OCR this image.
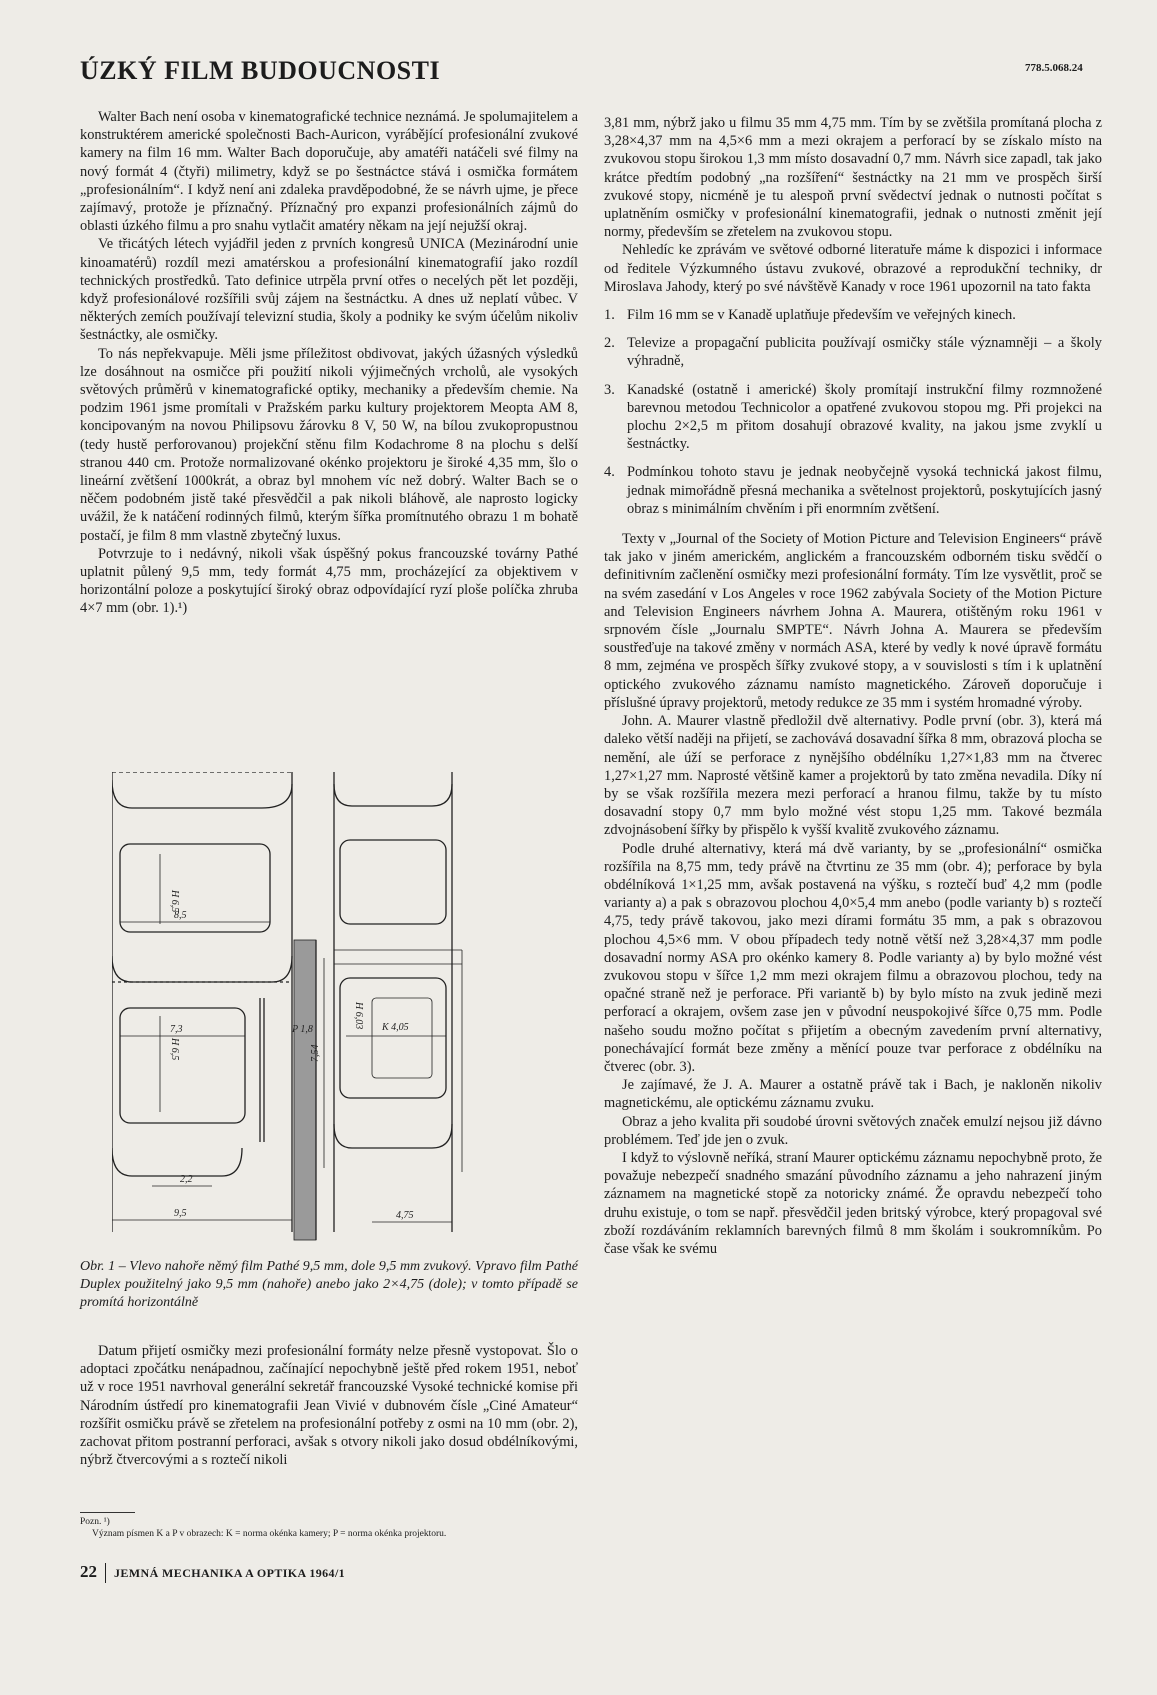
ÚZKÝ FILM BUDOUCNOSTI	778.5.068.24

Walter Bach není osoba v kinematografické technice neznámá. Je spolumajitelem a konstruktérem americké společnosti Bach-Auricon, vyrábějící profesionální zvukové kamery na film 16 mm. Walter Bach doporučuje, aby amatéři natáčeli své filmy na nový formát 4 (čtyři) milimetry, když se po šestnáctce stává i osmička formátem „profesionálním“. I když není ani zdaleka pravděpodobné, že se návrh ujme, je přece zajímavý, protože je příznačný. Příznačný pro expanzi profesionálních zájmů do oblasti úzkého filmu a pro snahu vytlačit amatéry někam na její nejužší okraj.

Ve třicátých létech vyjádřil jeden z prvních kongresů UNICA (Mezinárodní unie kinoamatérů) rozdíl mezi amatérskou a profesionální kinematografií jako rozdíl technických prostředků. Tato definice utrpěla první otřes o necelých pět let později, když profesionálové rozšířili svůj zájem na šestnáctku. A dnes už neplatí vůbec. V některých zemích používají televizní studia, školy a podniky ke svým účelům nikoliv šestnáctky, ale osmičky.

To nás nepřekvapuje. Měli jsme příležitost obdivovat, jakých úžasných výsledků lze dosáhnout na osmičce při použití nikoli výjimečných vrcholů, ale vysokých světových průměrů v kinematografické optiky, mechaniky a především chemie. Na podzim 1961 jsme promítali v Pražském parku kultury projektorem Meopta AM 8, koncipovaným na novou Philipsovu žárovku 8 V, 50 W, na bílou zvukopropustnou (tedy hustě perforovanou) projekční stěnu film Kodachrome 8 na plochu s delší stranou 440 cm. Protože normalizované okénko projektoru je široké 4,35 mm, šlo o lineární zvětšení 1000krát, a obraz byl mnohem víc než dobrý. Walter Bach se o něčem podobném jistě také přesvědčil a pak nikoli bláhově, ale naprosto logicky uvážil, že k natáčení rodinných filmů, kterým šířka promítnutého obrazu 1 m bohatě postačí, je film 8 mm vlastně zbytečný luxus.

Potvrzuje to i nedávný, nikoli však úspěšný pokus francouzské továrny Pathé uplatnit půlený 9,5 mm, tedy formát 4,75 mm, procházející za objektivem v horizontální poloze a poskytující široký obraz odpovídající ryzí ploše políčka zhruba 4×7 mm (obr. 1).¹)

H 6,5
8,5
H 6,5
7,3
2,2
9,5
H 6,03
7,54
P 1,8	K 4,05
4,75
Obr. 1 – Vlevo nahoře němý film Pathé 9,5 mm, dole 9,5 mm zvukový. Vpravo film Pathé Duplex použitelný jako 9,5 mm (nahoře) anebo jako 2×4,75 (dole); v tomto případě se promítá horizontálně

Datum přijetí osmičky mezi profesionální formáty nelze přesně vystopovat. Šlo o adoptaci zpočátku nenápadnou, začínající nepochybně ještě před rokem 1951, neboť už v roce 1951 navrhoval generální sekretář francouzské Vysoké technické komise při Národním ústředí pro kinematografii Jean Vivié v dubnovém čísle „Ciné Amateur“ rozšířit osmičku právě se zřetelem na profesionální potřeby z osmi na 10 mm (obr. 2), zachovat přitom postranní perforaci, avšak s otvory nikoli jako dosud obdélníkovými, nýbrž čtvercovými a s roztečí nikoli

Pozn. ¹)
Význam písmen K a P v obrazech: K = norma okénka kamery; P = norma okénka projektoru.

3,81 mm, nýbrž jako u filmu 35 mm 4,75 mm. Tím by se zvětšila promítaná plocha z 3,28×4,37 mm na 4,5×6 mm a mezi okrajem a perforací by se získalo místo na zvukovou stopu širokou 1,3 mm místo dosavadní 0,7 mm. Návrh sice zapadl, tak jako krátce předtím podobný „na rozšíření“ šestnáctky na 21 mm ve prospěch širší zvukové stopy, nicméně je tu alespoň první svědectví jednak o nutnosti počítat s uplatněním osmičky v profesionální kinematografii, jednak o nutnosti změnit její normy, především se zřetelem na zvukovou stopu.

Nehledíc ke zprávám ve světové odborné literatuře máme k dispozici i informace od ředitele Výzkumného ústavu zvukové, obrazové a reprodukční techniky, dr Miroslava Jahody, který po své návštěvě Kanady v roce 1961 upozornil na tato fakta

1. Film 16 mm se v Kanadě uplatňuje především ve veřejných kinech.
2. Televize a propagační publicita používají osmičky stále významněji – a školy výhradně,
3. Kanadské (ostatně i americké) školy promítají instrukční filmy rozmnožené barevnou metodou Technicolor a opatřené zvukovou stopou mg. Při projekci na plochu 2×2,5 m přitom dosahují obrazové kvality, na jakou jsme zvyklí u šestnáctky.
4. Podmínkou tohoto stavu je jednak neobyčejně vysoká technická jakost filmu, jednak mimořádně přesná mechanika a světelnost projektorů, poskytujících jasný obraz s minimálním chvěním i při enormním zvětšení.

Texty v „Journal of the Society of Motion Picture and Television Engineers“ právě tak jako v jiném americkém, anglickém a francouzském odborném tisku svědčí o definitivním začlenění osmičky mezi profesionální formáty. Tím lze vysvětlit, proč se na svém zasedání v Los Angeles v roce 1962 zabývala Society of the Motion Picture and Television Engineers návrhem Johna A. Maurera, otištěným roku 1961 v srpnovém čísle „Journalu SMPTE“. Návrh Johna A. Maurera se především soustřeďuje na takové změny v normách ASA, které by vedly k nové úpravě formátu 8 mm, zejména ve prospěch šířky zvukové stopy, a v souvislosti s tím i k uplatnění optického zvukového záznamu namísto magnetického. Zároveň doporučuje i příslušné úpravy projektorů, metody redukce ze 35 mm i systém hromadné výroby.

John. A. Maurer vlastně předložil dvě alternativy. Podle první (obr. 3), která má daleko větší naději na přijetí, se zachovává dosavadní šířka 8 mm, obrazová plocha se nemění, ale úží se perforace z nynějšího obdélníku 1,27×1,83 mm na čtverec 1,27×1,27 mm. Naprosté většině kamer a projektorů by tato změna nevadila. Díky ní by se však rozšířila mezera mezi perforací a hranou filmu, takže by tu místo dosavadní stopy 0,7 mm bylo možné vést stopu 1,25 mm. Takové bezmála zdvojnásobení šířky by přispělo k vyšší kvalitě zvukového záznamu.

Podle druhé alternativy, která má dvě varianty, by se „profesionální“ osmička rozšířila na 8,75 mm, tedy právě na čtvrtinu ze 35 mm (obr. 4); perforace by byla obdélníková 1×1,25 mm, avšak postavená na výšku, s roztečí buď 4,2 mm (podle varianty a) a pak s obrazovou plochou 4,0×5,4 mm anebo (podle varianty b) s roztečí 4,75, tedy právě takovou, jako mezi dírami formátu 35 mm, a pak s obrazovou plochou 4,5×6 mm. V obou případech tedy notně větší než 3,28×4,37 mm podle dosavadní normy ASA pro okénko kamery 8. Podle varianty a) by bylo možné vést zvukovou stopu v šířce 1,2 mm mezi okrajem filmu a obrazovou plochou, tedy na opačné straně než je perforace. Při variantě b) by bylo místo na zvuk jedině mezi perforací a okrajem, ovšem zase jen v původní neuspokojivé šířce 0,75 mm. Podle našeho soudu možno počítat s přijetím a obecným zavedením první alternativy, ponechávající formát beze změny a měnící pouze tvar perforace z obdélníku na čtverec (obr. 3).

Je zajímavé, že J. A. Maurer a ostatně právě tak i Bach, je nakloněn nikoliv magnetickému, ale optickému záznamu zvuku.

Obraz a jeho kvalita při soudobé úrovni světových značek emulzí nejsou již dávno problémem. Teď jde jen o zvuk.

I když to výslovně neříká, straní Maurer optickému záznamu nepochybně proto, že považuje nebezpečí snadného smazání původního záznamu a jeho nahrazení jiným záznamem na magnetické stopě za notoricky známé. Že opravdu nebezpečí toho druhu existuje, o tom se např. přesvědčil jeden britský výrobce, který propagoval své zboží rozdáváním reklamních barevných filmů 8 mm školám i soukromníkům. Po čase však ke svému

22 JEMNÁ MECHANIKA A OPTIKA 1964/1
